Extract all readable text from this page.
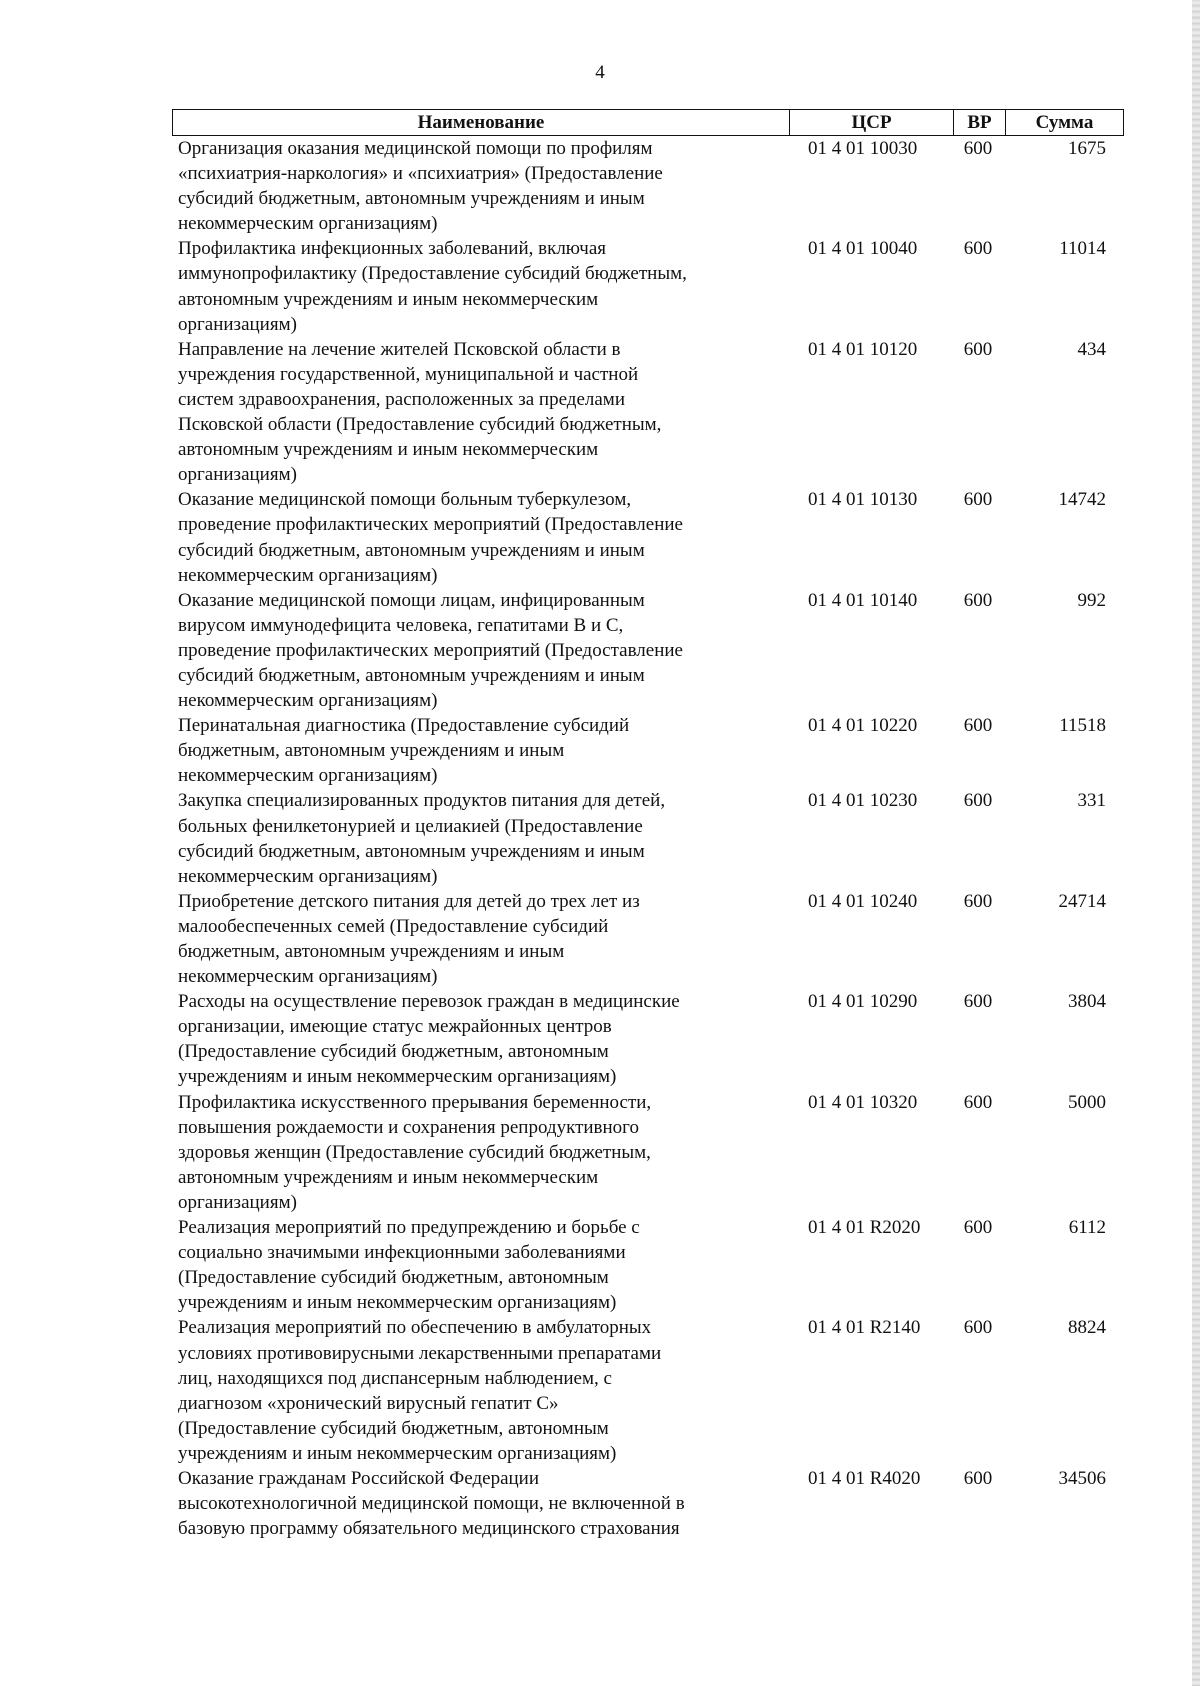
4
Наименование	ЦСР	ВР	Сумма
Организация оказания медицинской помощи по профилям
«психиатрия-наркология» и «психиатрия» (Предоставление
субсидий бюджетным, автономным учреждениям и иным
некоммерческим организациям)
01 4 01 10030	600	1675
Профилактика инфекционных заболеваний, включая
иммунопрофилактику (Предоставление субсидий бюджетным,
автономным учреждениям и иным некоммерческим
организациям)
01 4 01 10040	600	11014
Направление на лечение жителей Псковской области в
учреждения государственной, муниципальной и частной
систем здравоохранения, расположенных за пределами
Псковской области (Предоставление субсидий бюджетным,
автономным учреждениям и иным некоммерческим
организациям)
01 4 01 10120	600	434
Оказание медицинской помощи больным туберкулезом,
проведение профилактических мероприятий (Предоставление
субсидий бюджетным, автономным учреждениям и иным
некоммерческим организациям)
01 4 01 10130	600	14742
Оказание медицинской помощи лицам, инфицированным
вирусом иммунодефицита человека, гепатитами B и C,
проведение профилактических мероприятий (Предоставление
субсидий бюджетным, автономным учреждениям и иным
некоммерческим организациям)
01 4 01 10140	600	992
Перинатальная диагностика (Предоставление субсидий
бюджетным, автономным учреждениям и иным
некоммерческим организациям)
01 4 01 10220	600	11518
Закупка специализированных продуктов питания для детей,
больных фенилкетонурией и целиакией (Предоставление
субсидий бюджетным, автономным учреждениям и иным
некоммерческим организациям)
01 4 01 10230	600	331
Приобретение детского питания для детей до трех лет из
малообеспеченных семей (Предоставление субсидий
бюджетным, автономным учреждениям и иным
некоммерческим организациям)
01 4 01 10240	600	24714
Расходы на осуществление перевозок граждан в медицинские
организации, имеющие статус межрайонных центров
(Предоставление субсидий бюджетным, автономным
учреждениям и иным некоммерческим организациям)
01 4 01 10290	600	3804
Профилактика искусственного прерывания беременности,
повышения рождаемости и сохранения репродуктивного
здоровья женщин (Предоставление субсидий бюджетным,
автономным учреждениям и иным некоммерческим
организациям)
01 4 01 10320	600	5000
Реализация мероприятий по предупреждению и борьбе с
социально значимыми инфекционными заболеваниями
(Предоставление субсидий бюджетным, автономным
учреждениям и иным некоммерческим организациям)
01 4 01 R2020	600	6112
Реализация мероприятий по обеспечению в амбулаторных
условиях противовирусными лекарственными препаратами
лиц, находящихся под диспансерным наблюдением, с
диагнозом «хронический вирусный гепатит C»
(Предоставление субсидий бюджетным, автономным
учреждениям и иным некоммерческим организациям)
01 4 01 R2140	600	8824
Оказание гражданам Российской Федерации
высокотехнологичной медицинской помощи, не включенной в
базовую программу обязательного медицинского страхования
01 4 01 R4020	600	34506
